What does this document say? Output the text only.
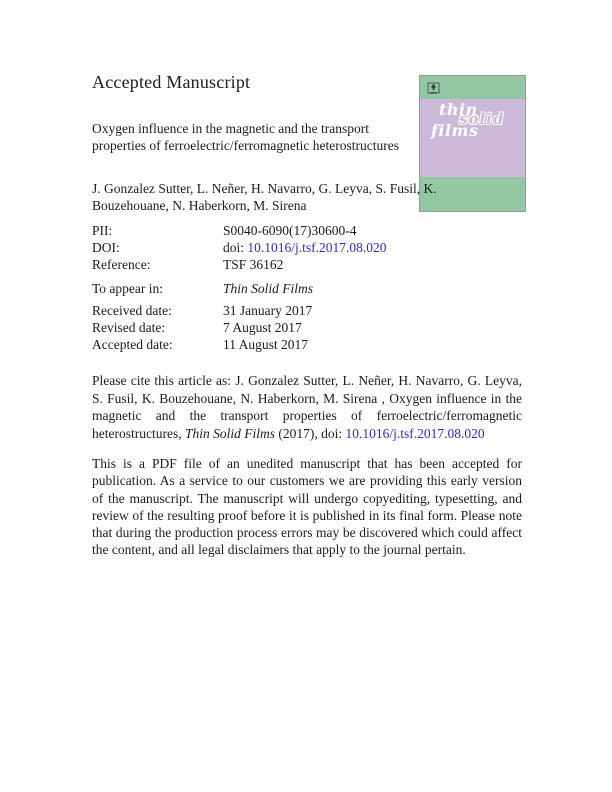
Accepted Manuscript
solid
thin
films
Oxygen influence in the magnetic and the transport properties of ferroelectric/ferromagnetic heterostructures
J. Gonzalez Sutter, L. Neñer, H. Navarro, G. Leyva, S. Fusil, K. Bouzehouane, N. Haberkorn, M. Sirena
PII:	S0040-6090(17)30600-4
DOI:	doi: 10.1016/j.tsf.2017.08.020
Reference:	TSF 36162
To appear in:	Thin Solid Films
Received date:	31 January 2017
Revised date:	7 August 2017
Accepted date:	11 August 2017
Please cite this article as: J. Gonzalez Sutter, L. Neñer, H. Navarro, G. Leyva, S. Fusil, K. Bouzehouane, N. Haberkorn, M. Sirena , Oxygen influence in the magnetic and the transport properties of ferroelectric/ferromagnetic heterostructures, Thin Solid Films (2017), doi: 10.1016/j.tsf.2017.08.020
This is a PDF file of an unedited manuscript that has been accepted for publication. As a service to our customers we are providing this early version of the manuscript. The manuscript will undergo copyediting, typesetting, and review of the resulting proof before it is published in its final form. Please note that during the production process errors may be discovered which could affect the content, and all legal disclaimers that apply to the journal pertain.
